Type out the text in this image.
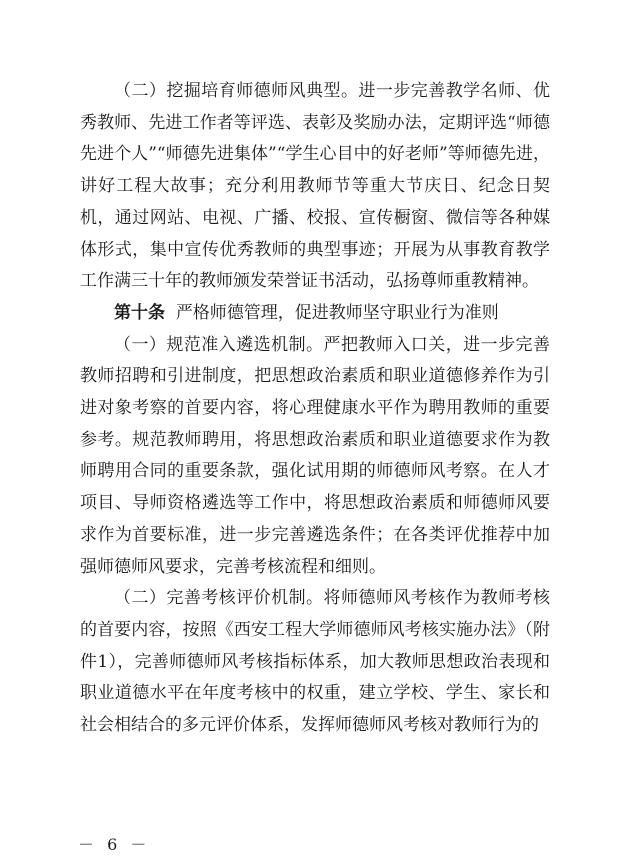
（二）挖掘培育师德师风典型。进一步完善教学名师、优秀教师、先进工作者等评选、表彰及奖励办法，定期评选“师德先进个人”“师德先进集体”“学生心目中的好老师”等师德先进，讲好工程大故事；充分利用教师节等重大节庆日、纪念日契机，通过网站、电视、广播、校报、宣传橱窗、微信等各种媒体形式，集中宣传优秀教师的典型事迹；开展为从事教育教学工作满三十年的教师颁发荣誉证书活动，弘扬尊师重教精神。

第十条 严格师德管理，促进教师坚守职业行为准则

（一）规范准入遴选机制。严把教师入口关，进一步完善教师招聘和引进制度，把思想政治素质和职业道德修养作为引进对象考察的首要内容，将心理健康水平作为聘用教师的重要参考。规范教师聘用，将思想政治素质和职业道德要求作为教师聘用合同的重要条款，强化试用期的师德师风考察。在人才项目、导师资格遴选等工作中，将思想政治素质和师德师风要求作为首要标准，进一步完善遴选条件；在各类评优推荐中加强师德师风要求，完善考核流程和细则。

（二）完善考核评价机制。将师德师风考核作为教师考核的首要内容，按照《西安工程大学师德师风考核实施办法》（附件1），完善师德师风考核指标体系，加大教师思想政治表现和职业道德水平在年度考核中的权重，建立学校、学生、家长和社会相结合的多元评价体系，发挥师德师风考核对教师行为的

－ 6 －
